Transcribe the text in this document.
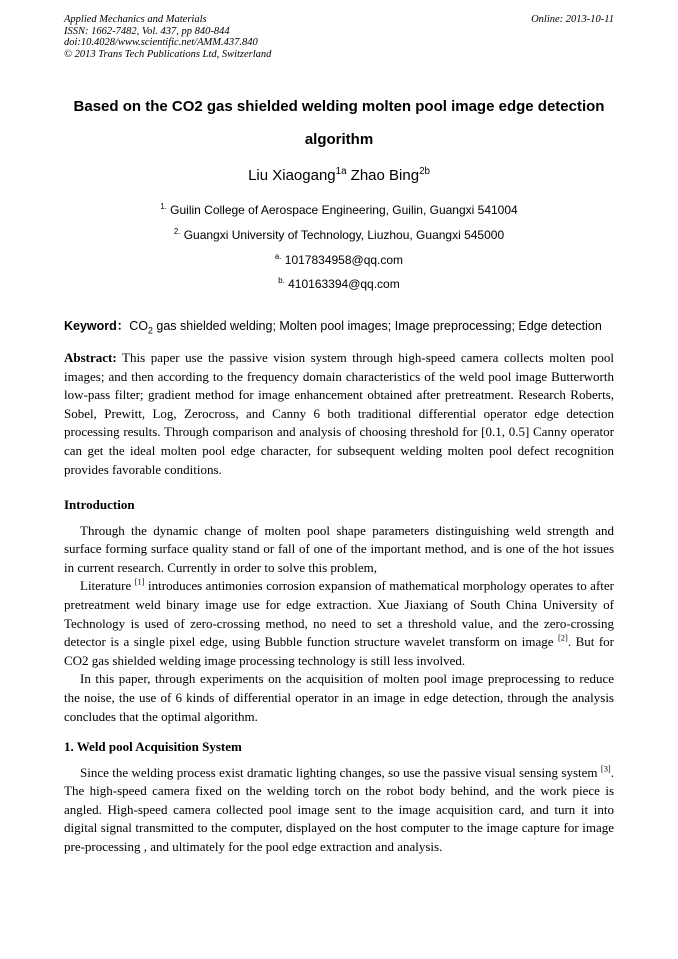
Applied Mechanics and Materials
ISSN: 1662-7482, Vol. 437, pp 840-844
doi:10.4028/www.scientific.net/AMM.437.840
© 2013 Trans Tech Publications Ltd, Switzerland
Online: 2013-10-11
Based on the CO2 gas shielded welding molten pool image edge detection algorithm
Liu Xiaogang$^{1a}$ Zhao Bing$^{2b}$
$^{1.}$ Guilin College of Aerospace Engineering, Guilin, Guangxi 541004
$^{2.}$ Guangxi University of Technology, Liuzhou, Guangxi 545000
$^{a.}$ 1017834958@qq.com
$^{b.}$ 410163394@qq.com
Keyword：$CO_2$ gas shielded welding; Molten pool images; Image preprocessing; Edge detection

Abstract: This paper use the passive vision system through high-speed camera collects molten pool images; and then according to the frequency domain characteristics of the weld pool image Butterworth low-pass filter; gradient method for image enhancement obtained after pretreatment. Research Roberts, Sobel, Prewitt, Log, Zerocross, and Canny 6 both traditional differential operator edge detection processing results. Through comparison and analysis of choosing threshold for [0.1, 0.5] Canny operator can get the ideal molten pool edge character, for subsequent welding molten pool defect recognition provides favorable conditions.

Introduction

Through the dynamic change of molten pool shape parameters distinguishing weld strength and surface forming surface quality stand or fall of one of the important method, and is one of the hot issues in current research. Currently in order to solve this problem,

Literature [1] introduces antimonies corrosion expansion of mathematical morphology operates to after pretreatment weld binary image use for edge extraction. Xue Jiaxiang of South China University of Technology is used of zero-crossing method, no need to set a threshold value, and the zero-crossing detector is a single pixel edge, using Bubble function structure wavelet transform on image [2]. But for CO2 gas shielded welding image processing technology is still less involved.

In this paper, through experiments on the acquisition of molten pool image preprocessing to reduce the noise, the use of 6 kinds of differential operator in an image in edge detection, through the analysis concludes that the optimal algorithm.

1. Weld pool Acquisition System

Since the welding process exist dramatic lighting changes, so use the passive visual sensing system [3]. The high-speed camera fixed on the welding torch on the robot body behind, and the work piece is angled. High-speed camera collected pool image sent to the image acquisition card, and turn it into digital signal transmitted to the computer, displayed on the host computer to the image capture for image pre-processing , and ultimately for the pool edge extraction and analysis.
